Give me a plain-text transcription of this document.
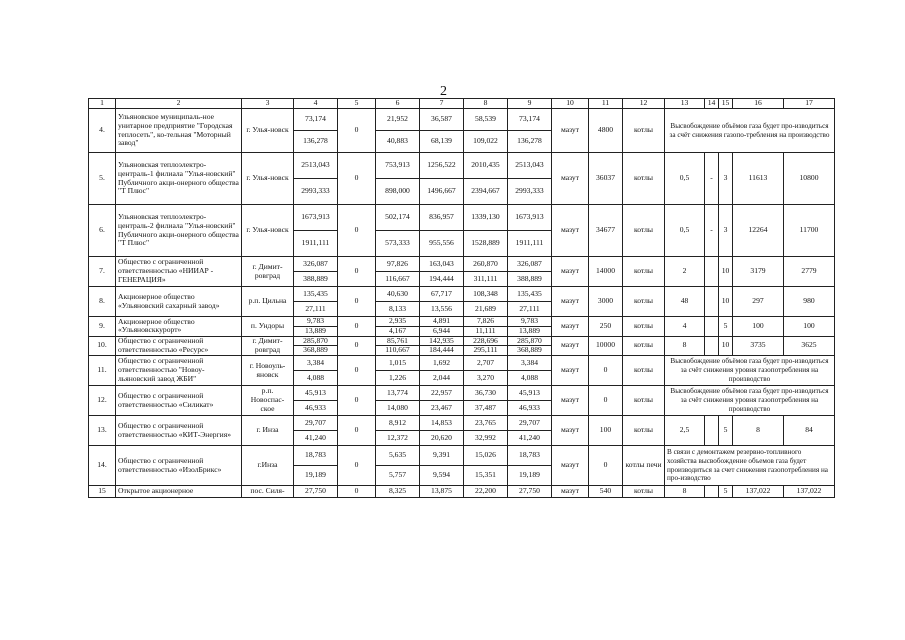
2
1	2	3	4	5	6	7	8	9	10	11	12	13	14	15	16	17
4.	Ульяновское муниципаль-ное унитарное предприятие "Городская теплосеть", ко-тельная "Моторный завод"	г. Улья-новск	73,174	0	21,952	36,587	58,539	73,174	мазут	4800	котлы	Высвобождение объёмов газа будет про-изводиться за счёт снижения газопо-требления на производство				
			136,278		40,883	68,139	109,022	136,278								
5.	Ульяновская теплоэлектро-централь-1 филиала "Улья-новский" Публичного акци-онерного общества "Т Плюс"	г. Улья-новск	2513,043	0	753,913	1256,522	2010,435	2513,043	мазут	36037	котлы	0,5	-	3	11613	10800
			2993,333		898,000	1496,667	2394,667	2993,333								
6.	Ульяновская теплоэлектро-централь-2 филиала "Улья-новский" Публичного акци-онерного общества "Т Плюс"	г. Улья-новск	1673,913	0	502,174	836,957	1339,130	1673,913	мазут	34677	котлы	0,5	-	3	12264	11700
			1911,111		573,333	955,556	1528,889	1911,111								
7.	Общество с ограниченной ответственностью «НИИАР - ГЕНЕРАЦИЯ»	г. Димит-ровград	326,087	0	97,826	163,043	260,870	326,087	мазут	14000	котлы	2		10	3179	2779
			388,889		116,667	194,444	311,111	388,889								
8.	Акционерное общество «Ульяновский сахарный завод»	р.п. Цильна	135,435	0	40,630	67,717	108,348	135,435	мазут	3000	котлы	48		10	297	980
			27,111		8,133	13,556	21,689	27,111								
9.	Акционерное общество «Ульяновсккурорт»	п. Ундоры	9,783	0	2,935	4,891	7,826	9,783	мазут	250	котлы	4		5	100	100
			13,889		4,167	6,944	11,111	13,889								
10.	Общество с ограниченной ответственностью «Ресурс»	г. Димит-ровград	285,870	0	85,761	142,935	228,696	285,870	мазут	10000	котлы	8		10	3735	3625
			368,889		110,667	184,444	295,111	368,889								
11.	Общество с ограниченной ответственностью "Новоу-льяновский завод ЖБИ"	г. Новоуль-яновск	3,384	0	1,015	1,692	2,707	3,384	мазут	0	котлы	Высвобождение объёмов газа будет про-изводиться за счёт снижения уровня газопотребления на производство				
			4,088		1,226	2,044	3,270	4,088								
12.	Общество с ограниченной ответственностью «Силикат»	р.п. Новоспас-ское	45,913	0	13,774	22,957	36,730	45,913	мазут	0	котлы	Высвобождение объёмов газа будет про-изводиться за счёт снижения уровня газопотребления на производство				
			46,933		14,080	23,467	37,487	46,933								
13.	Общество с ограниченной ответственностью «КИТ-Энергия»	г. Инза	29,707	0	8,912	14,853	23,765	29,707	мазут	100	котлы	2,5		5	8	84
			41,240		12,372	20,620	32,992	41,240								
14.	Общество с ограниченной ответственностью «ИзолБрикс»	г.Инза	18,783	0	5,635	9,391	15,026	18,783	мазут	0	котлы печи	В связи с демонтажем резервно-топливного хозяйства высвобождение объемов газа будет производиться за счет снижения газопотребления на про-изводство				
			19,189		5,757	9,594	15,351	19,189								
15	Открытое акционерное	пос. Силя-	27,750	0	8,325	13,875	22,200	27,750	мазут	540	котлы	8		5	137,022	137,022
